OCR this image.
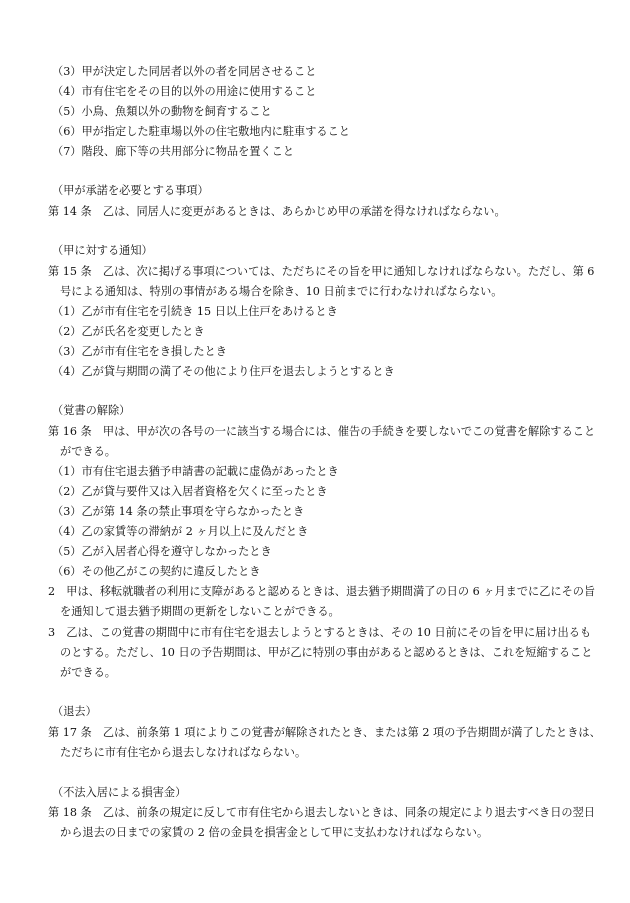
（3）甲が決定した同居者以外の者を同居させること
（4）市有住宅をその目的以外の用途に使用すること
（5）小鳥、魚類以外の動物を飼育すること
（6）甲が指定した駐車場以外の住宅敷地内に駐車すること
（7）階段、廊下等の共用部分に物品を置くこと
（甲が承諾を必要とする事項）
第 14 条　乙は、同居人に変更があるときは、あらかじめ甲の承諾を得なければならない。
（甲に対する通知）
第 15 条　乙は、次に掲げる事項については、ただちにその旨を甲に通知しなければならない。ただし、第 6
号による通知は、特別の事情がある場合を除き、10 日前までに行わなければならない。
（1）乙が市有住宅を引続き 15 日以上住戸をあけるとき
（2）乙が氏名を変更したとき
（3）乙が市有住宅をき損したとき
（4）乙が貸与期間の満了その他により住戸を退去しようとするとき
（覚書の解除）
第 16 条　甲は、甲が次の各号の一に該当する場合には、催告の手続きを要しないでこの覚書を解除すること
ができる。
（1）市有住宅退去猶予申請書の記載に虚偽があったとき
（2）乙が貸与要件又は入居者資格を欠くに至ったとき
（3）乙が第 14 条の禁止事項を守らなかったとき
（4）乙の家賃等の滞納が 2 ヶ月以上に及んだとき
（5）乙が入居者心得を遵守しなかったとき
（6）その他乙がこの契約に違反したとき
2　甲は、移転就職者の利用に支障があると認めるときは、退去猶予期間満了の日の 6 ヶ月までに乙にその旨
を通知して退去猶予期間の更新をしないことができる。
3　乙は、この覚書の期間中に市有住宅を退去しようとするときは、その 10 日前にその旨を甲に届け出るも
のとする。ただし、10 日の予告期間は、甲が乙に特別の事由があると認めるときは、これを短縮すること
ができる。
（退去）
第 17 条　乙は、前条第 1 項によりこの覚書が解除されたとき、または第 2 項の予告期間が満了したときは、
ただちに市有住宅から退去しなければならない。
（不法入居による損害金）
第 18 条　乙は、前条の規定に反して市有住宅から退去しないときは、同条の規定により退去すべき日の翌日
から退去の日までの家賃の 2 倍の金員を損害金として甲に支払わなければならない。
